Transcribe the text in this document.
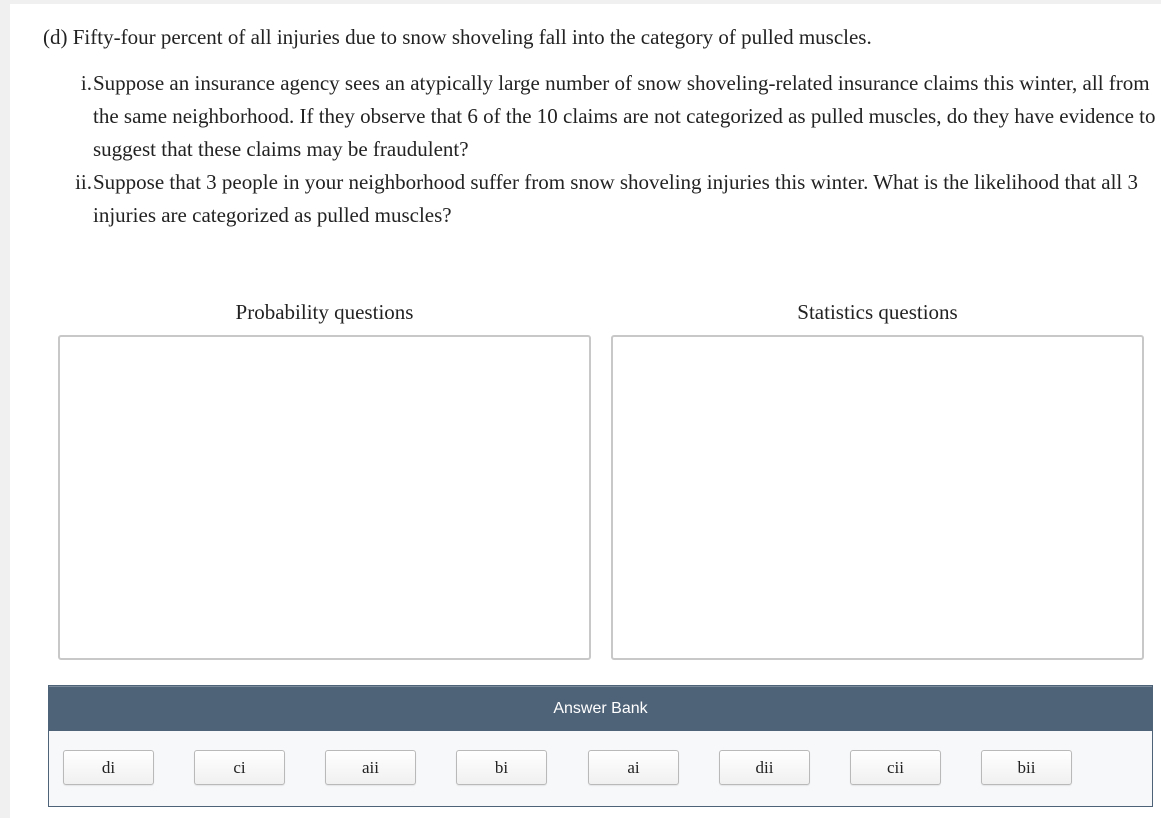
(d) Fifty-four percent of all injuries due to snow shoveling fall into the category of pulled muscles.
i. Suppose an insurance agency sees an atypically large number of snow shoveling-related insurance claims this winter, all from the same neighborhood. If they observe that 6 of the 10 claims are not categorized as pulled muscles, do they have evidence to suggest that these claims may be fraudulent?
ii. Suppose that 3 people in your neighborhood suffer from snow shoveling injuries this winter. What is the likelihood that all 3 injuries are categorized as pulled muscles?
Probability questions	Statistics questions
Answer Bank
di	ci	aii	bi	ai	dii	cii	bii
